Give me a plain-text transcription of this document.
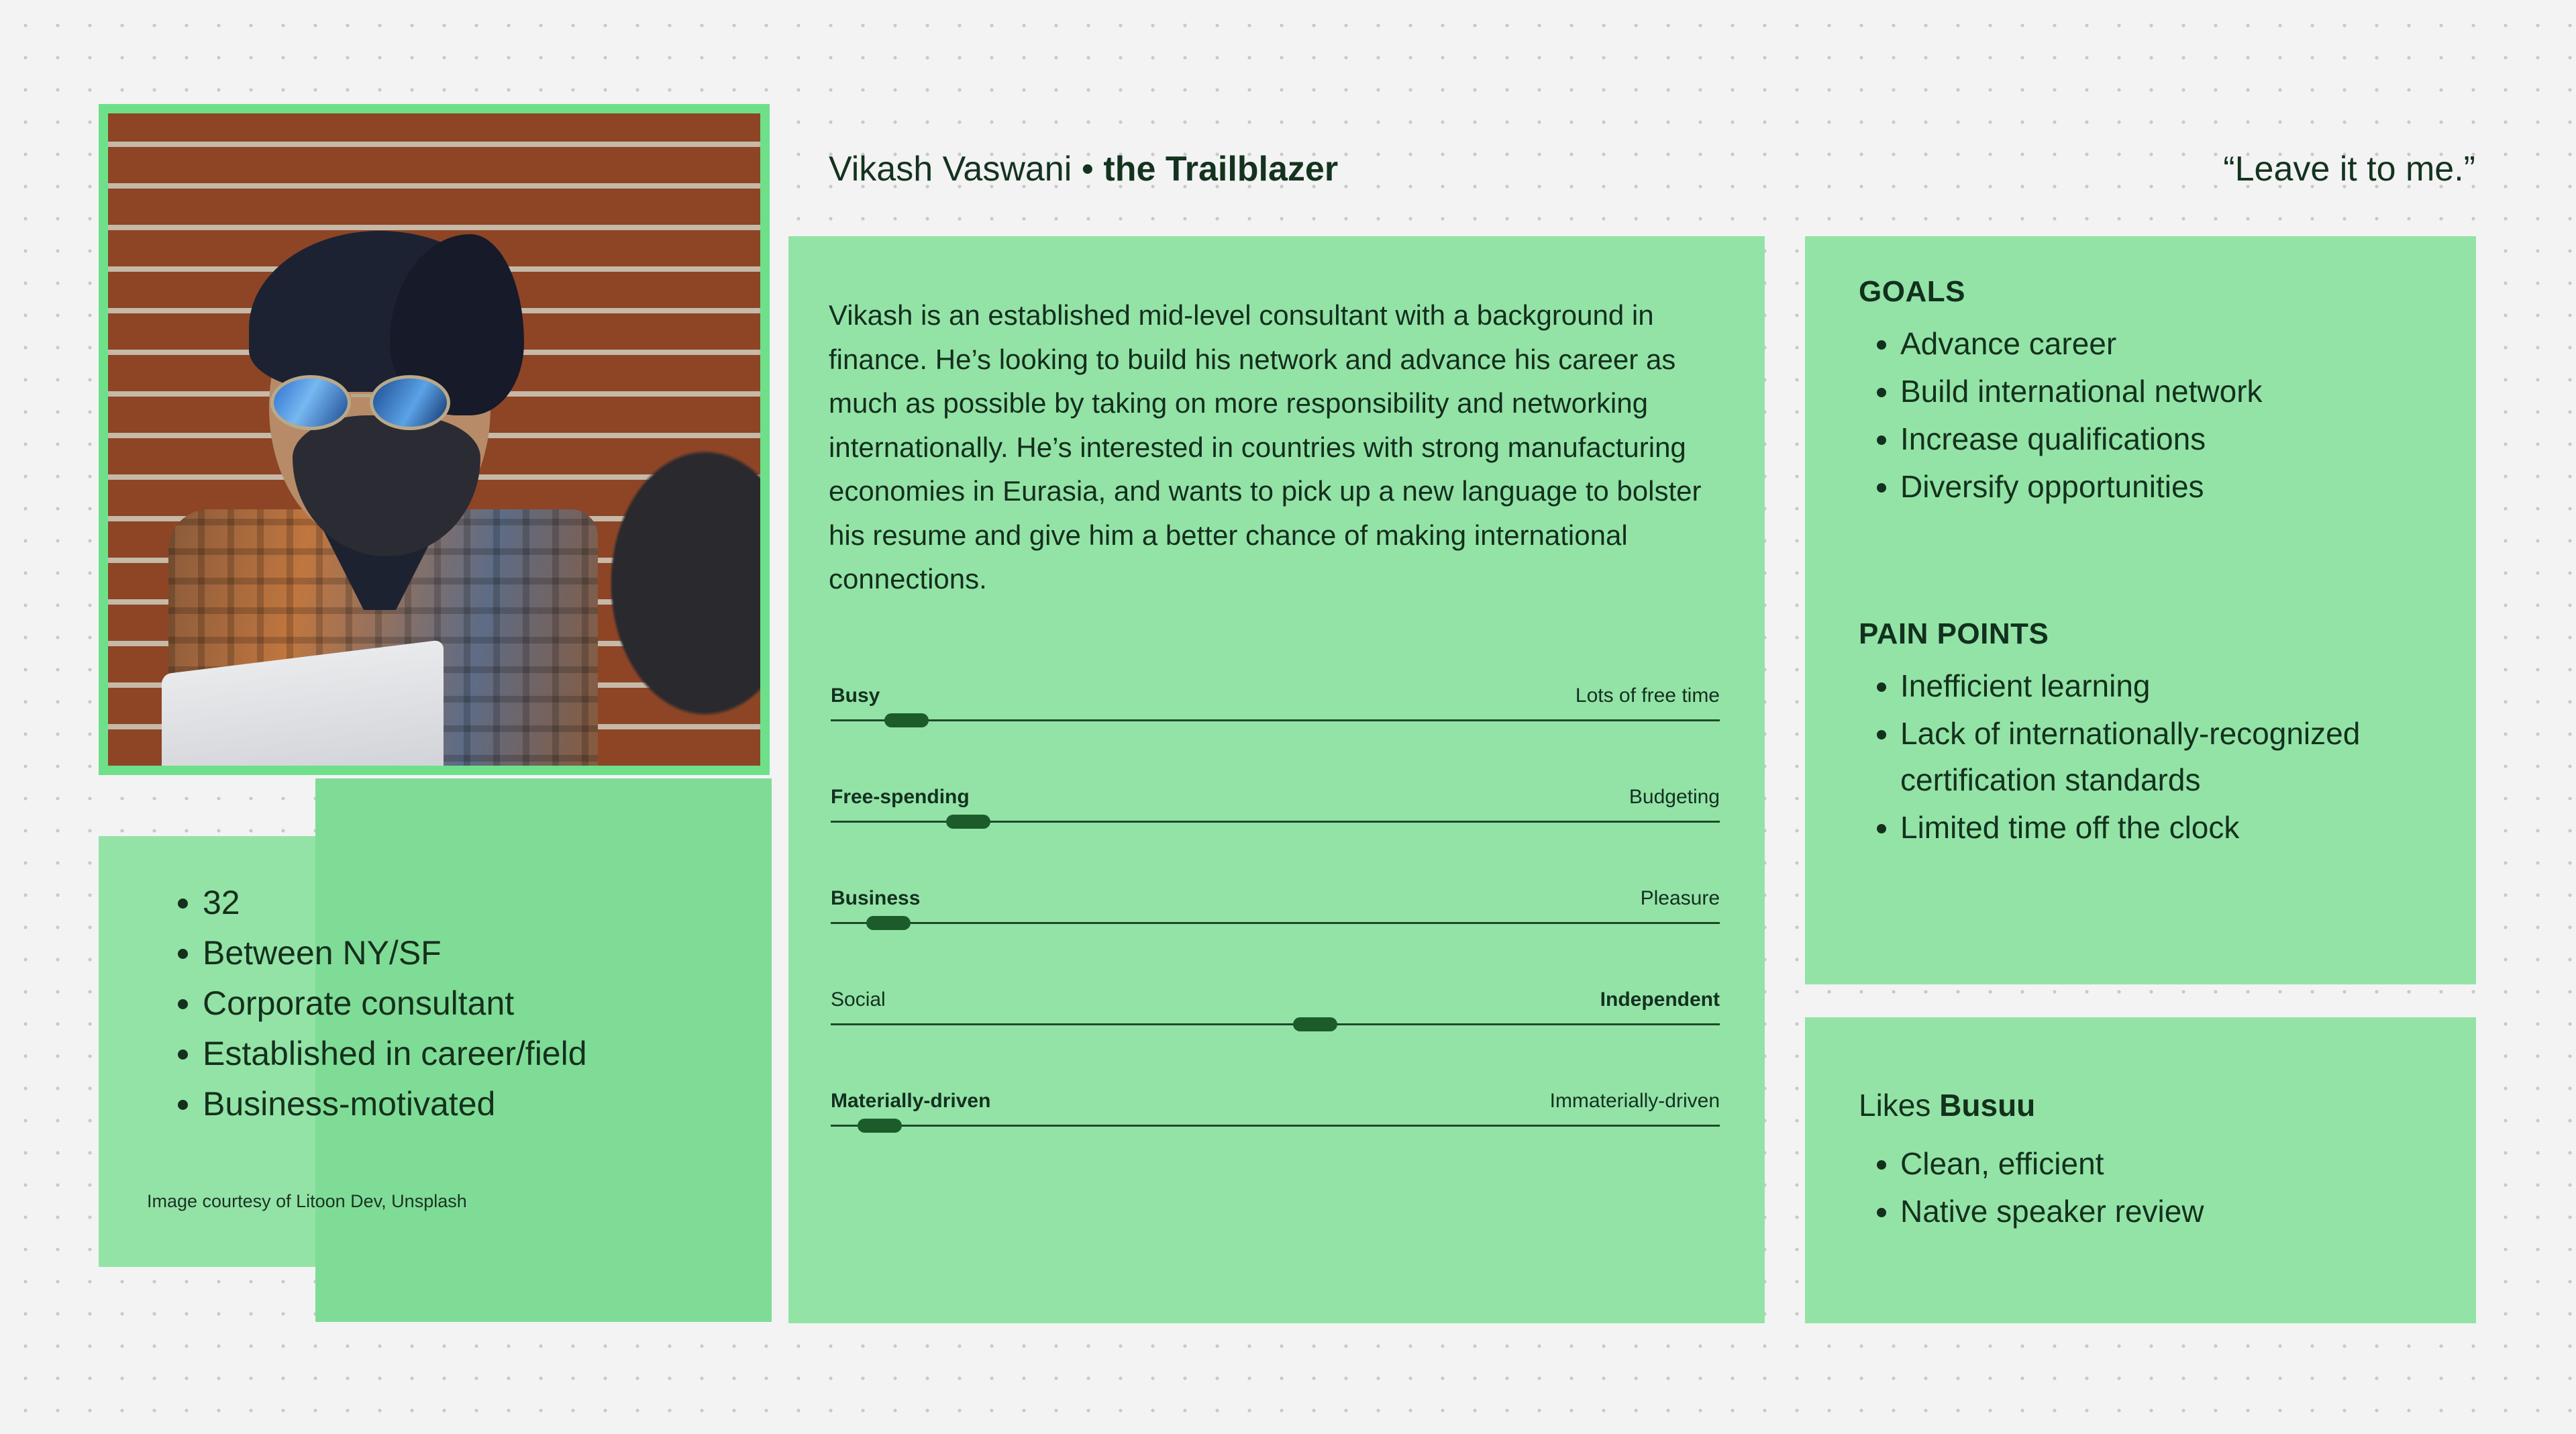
• 32
• Between NY/SF
• Corporate consultant
• Established in career/field
• Business-motivated
Image courtesy of Litoon Dev, Unsplash
Vikash Vaswani • the Trailblazer	“Leave it to me.”
Vikash is an established mid-level consultant with a background in finance. He’s looking to build his network and advance his career as much as possible by taking on more responsibility and networking internationally. He’s interested in countries with strong manufacturing economies in Eurasia, and wants to pick up a new language to bolster his resume and give him a better chance of making international connections.
Busy	Lots of free time
Free-spending	Budgeting
Business	Pleasure
Social	Independent
Materially-driven	Immaterially-driven
GOALS
• Advance career
• Build international network
• Increase qualifications
• Diversify opportunities
PAIN POINTS
• Inefficient learning
• Lack of internationally-recognized certification standards
• Limited time off the clock
Likes Busuu
• Clean, efficient
• Native speaker review
